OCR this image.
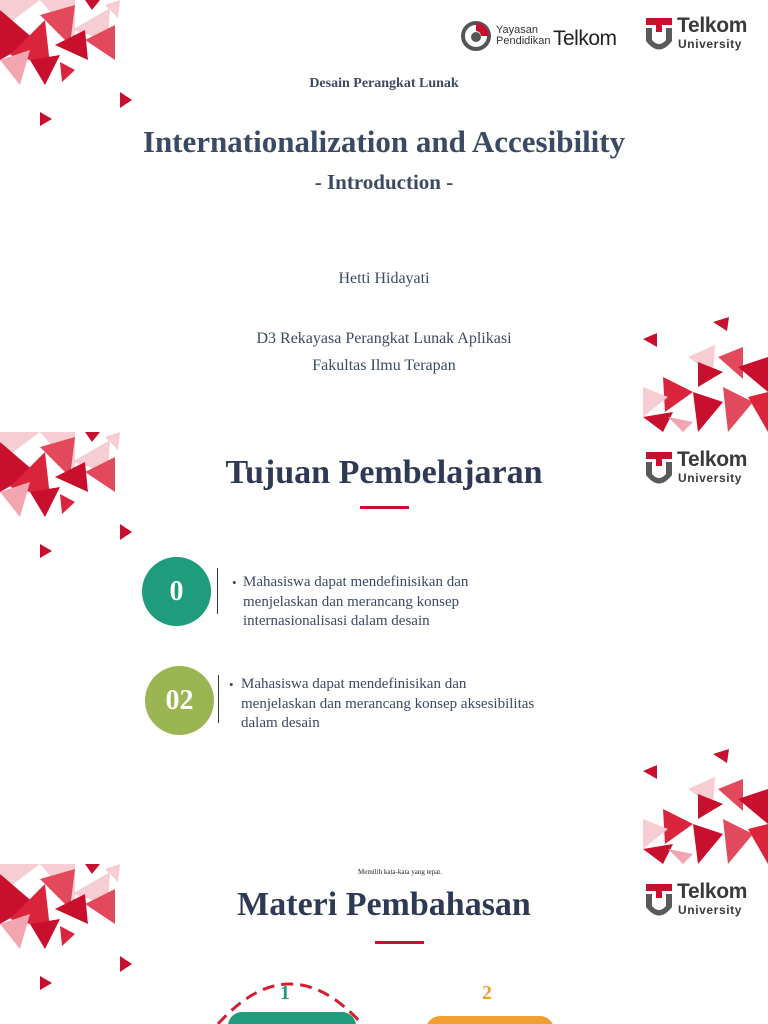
Yayasan
Pendidikan Telkom
Telkom
University
Desain Perangkat Lunak
Internationalization and Accesibility
- Introduction -
Hetti Hidayati
D3 Rekayasa Perangkat Lunak Aplikasi
Fakultas Ilmu Terapan
Telkom
University
Tujuan Pembelajaran
0	• Mahasiswa dapat mendefinisikan dan
menjelaskan dan merancang konsep
internasionalisasi dalam desain
02
• Mahasiswa dapat mendefinisikan dan
menjelaskan dan merancang konsep aksesibilitas
dalam desain
Memilih kata-kata yang tepat.
Telkom
University
Materi Pembahasan
1	2
